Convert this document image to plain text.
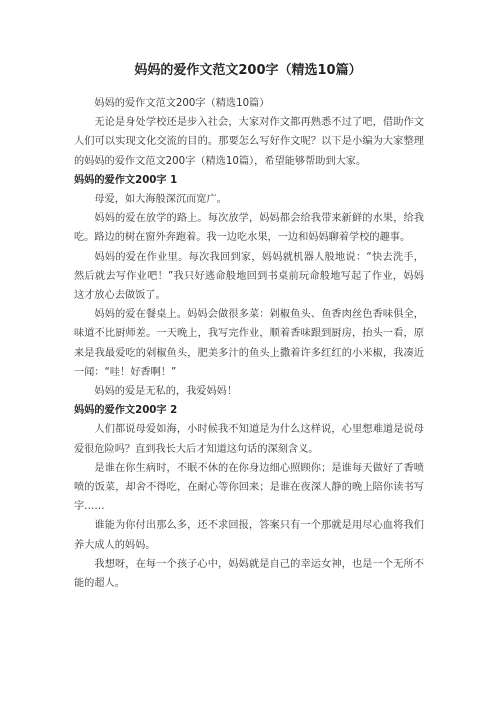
妈妈的爱作文范文200字（精选10篇）

妈妈的爱作文范文200字（精选10篇）

无论是身处学校还是步入社会，大家对作文都再熟悉不过了吧，借助作文人们可以实现文化交流的目的。那要怎么写好作文呢？以下是小编为大家整理的妈妈的爱作文范文200字（精选10篇），希望能够帮助到大家。

妈妈的爱作文200字 1

母爱，如大海般深沉而宽广。

妈妈的爱在放学的路上。每次放学，妈妈都会给我带来新鲜的水果，给我吃。路边的树在窗外奔跑着。我一边吃水果，一边和妈妈聊着学校的趣事。

妈妈的爱在作业里。每次我回到家，妈妈就机器人般地说：“快去洗手，然后就去写作业吧！”我只好逃命般地回到书桌前玩命般地写起了作业，妈妈这才放心去做饭了。

妈妈的爱在餐桌上。妈妈会做很多菜：剁椒鱼头、鱼香肉丝色香味俱全，味道不比厨师差。一天晚上，我写完作业，顺着香味跟到厨房，抬头一看，原来是我最爱吃的剁椒鱼头，肥美多汁的鱼头上撒着许多红红的小米椒，我凑近一闻：“哇！好香啊！”

妈妈的爱是无私的，我爱妈妈！

妈妈的爱作文200字 2

人们都说母爱如海，小时候我不知道是为什么这样说，心里想难道是说母爱很危险吗？直到我长大后才知道这句话的深刻含义。

是谁在你生病时，不眠不休的在你身边细心照顾你；是谁每天做好了香喷喷的饭菜，却舍不得吃，在耐心等你回来；是谁在夜深人静的晚上陪你读书写字……

谁能为你付出那么多，还不求回报，答案只有一个那就是用尽心血将我们养大成人的妈妈。

我想呀，在每一个孩子心中，妈妈就是自己的幸运女神，也是一个无所不能的超人。
